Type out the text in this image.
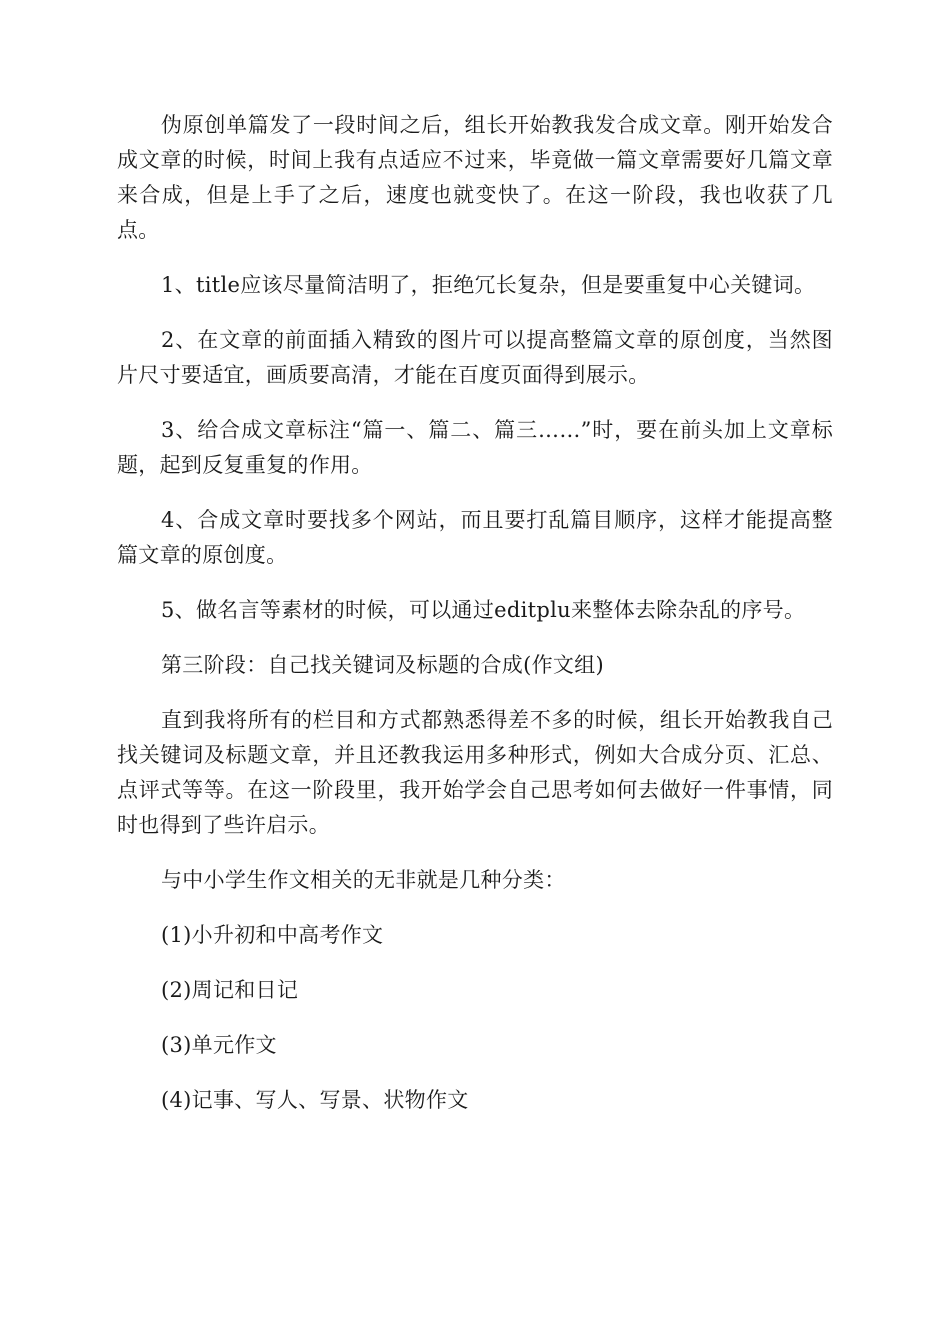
伪原创单篇发了一段时间之后，组长开始教我发合成文章。刚开始发合成文章的时候，时间上我有点适应不过来，毕竟做一篇文章需要好几篇文章来合成，但是上手了之后，速度也就变快了。在这一阶段，我也收获了几点。

1、title应该尽量简洁明了，拒绝冗长复杂，但是要重复中心关键词。

2、在文章的前面插入精致的图片可以提高整篇文章的原创度，当然图片尺寸要适宜，画质要高清，才能在百度页面得到展示。

3、给合成文章标注“篇一、篇二、篇三……”时，要在前头加上文章标题，起到反复重复的作用。

4、合成文章时要找多个网站，而且要打乱篇目顺序，这样才能提高整篇文章的原创度。

5、做名言等素材的时候，可以通过editplu来整体去除杂乱的序号。

第三阶段：自己找关键词及标题的合成(作文组)

直到我将所有的栏目和方式都熟悉得差不多的时候，组长开始教我自己找关键词及标题文章，并且还教我运用多种形式，例如大合成分页、汇总、点评式等等。在这一阶段里，我开始学会自己思考如何去做好一件事情，同时也得到了些许启示。

与中小学生作文相关的无非就是几种分类：

(1)小升初和中高考作文

(2)周记和日记

(3)单元作文

(4)记事、写人、写景、状物作文
